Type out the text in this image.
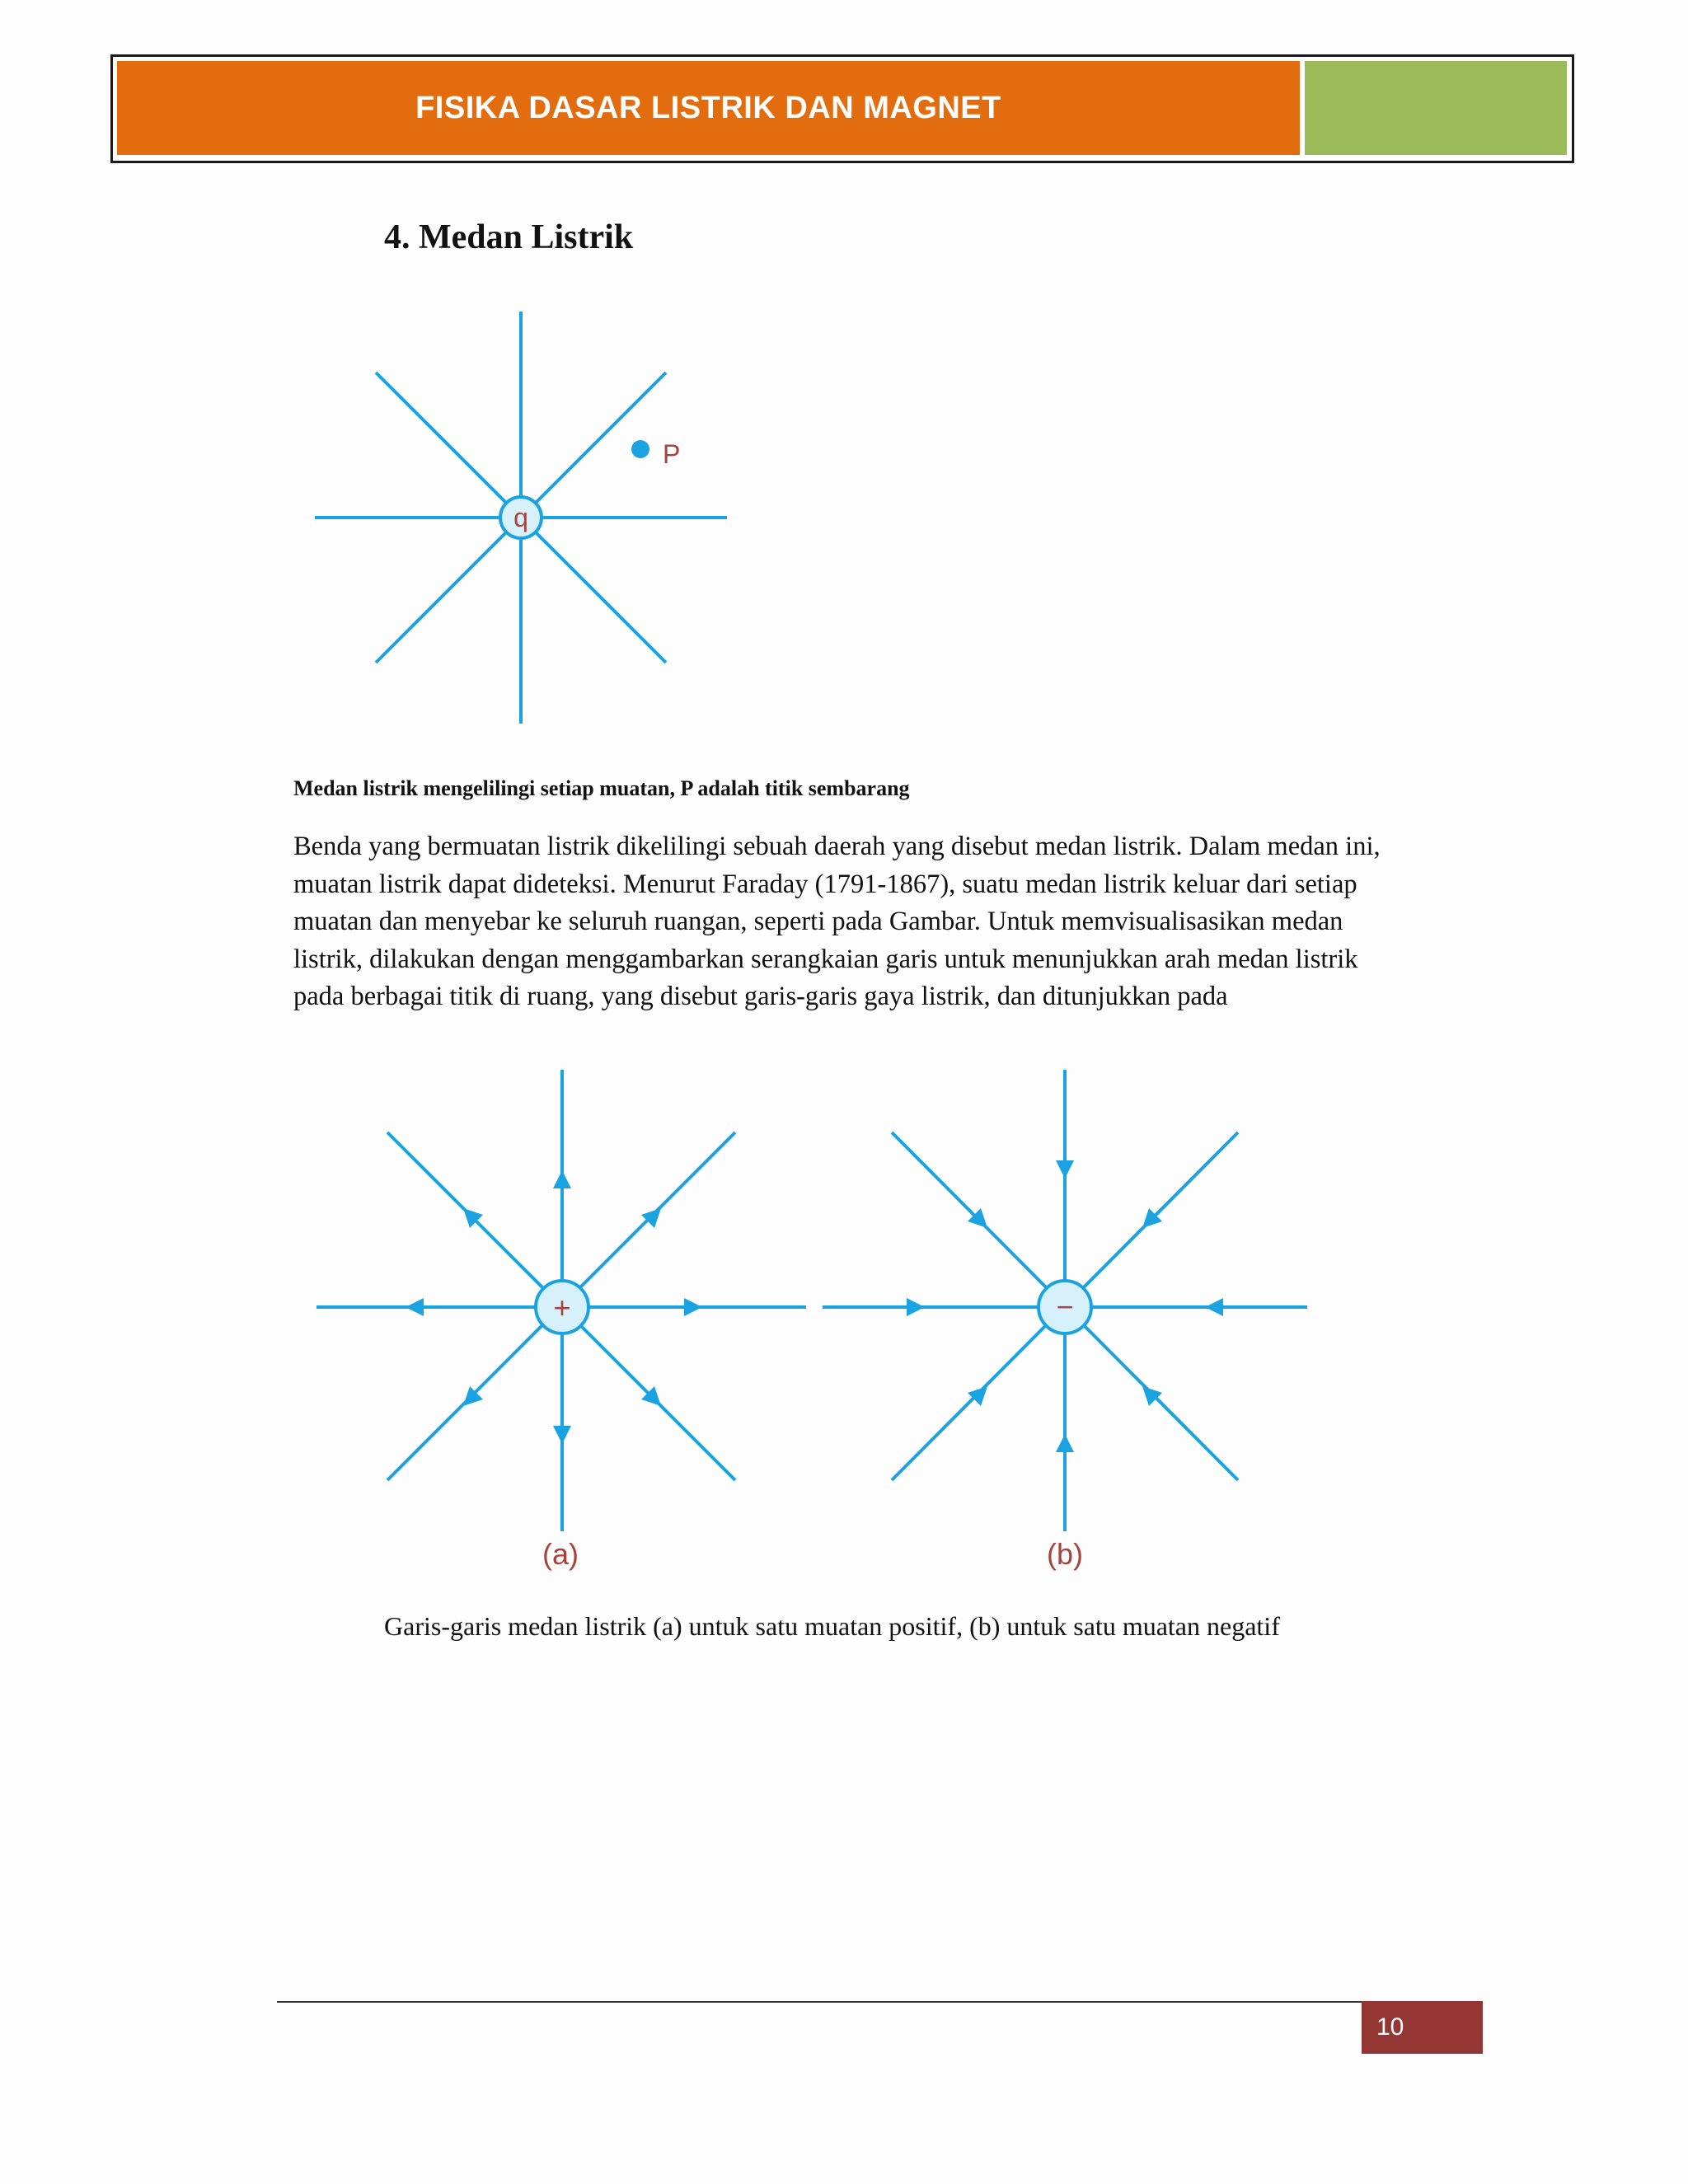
FISIKA DASAR LISTRIK DAN MAGNET
4. Medan Listrik
q
P
Medan listrik mengelilingi setiap muatan, P adalah titik sembarang

Benda yang bermuatan listrik dikelilingi sebuah daerah yang disebut medan listrik. Dalam medan ini,

muatan listrik dapat dideteksi. Menurut Faraday (1791-1867), suatu medan listrik keluar dari setiap

muatan dan menyebar ke seluruh ruangan, seperti pada Gambar. Untuk memvisualisasikan medan

listrik, dilakukan dengan menggambarkan serangkaian garis untuk menunjukkan arah medan listrik

pada berbagai titik di ruang, yang disebut garis-garis gaya listrik, dan ditunjukkan pada

+
(a)
−
(b)
Garis-garis medan listrik (a) untuk satu muatan positif, (b) untuk satu muatan negatif
10
